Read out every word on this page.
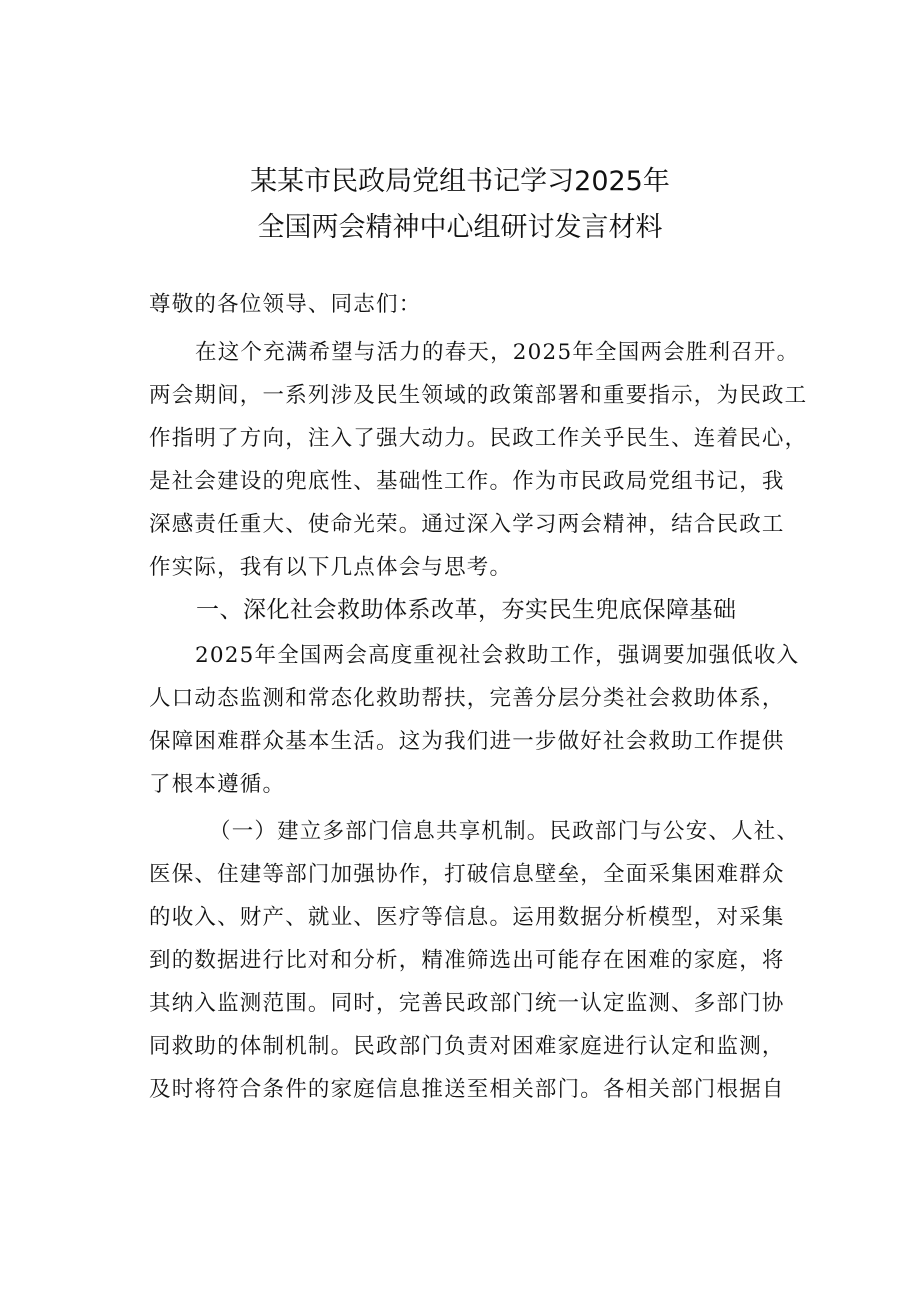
某某市民政局党组书记学习2025年
全国两会精神中心组研讨发言材料
尊敬的各位领导、同志们：
在这个充满希望与活力的春天，2025年全国两会胜利召开。
两会期间，一系列涉及民生领域的政策部署和重要指示，为民政工
作指明了方向，注入了强大动力。民政工作关乎民生、连着民心，
是社会建设的兜底性、基础性工作。作为市民政局党组书记，我
深感责任重大、使命光荣。通过深入学习两会精神，结合民政工
作实际，我有以下几点体会与思考。
一、深化社会救助体系改革，夯实民生兜底保障基础
2025年全国两会高度重视社会救助工作，强调要加强低收入
人口动态监测和常态化救助帮扶，完善分层分类社会救助体系，
保障困难群众基本生活。这为我们进一步做好社会救助工作提供
了根本遵循。
（一）建立多部门信息共享机制。民政部门与公安、人社、
医保、住建等部门加强协作，打破信息壁垒，全面采集困难群众
的收入、财产、就业、医疗等信息。运用数据分析模型，对采集
到的数据进行比对和分析，精准筛选出可能存在困难的家庭，将
其纳入监测范围。同时，完善民政部门统一认定监测、多部门协
同救助的体制机制。民政部门负责对困难家庭进行认定和监测，
及时将符合条件的家庭信息推送至相关部门。各相关部门根据自
